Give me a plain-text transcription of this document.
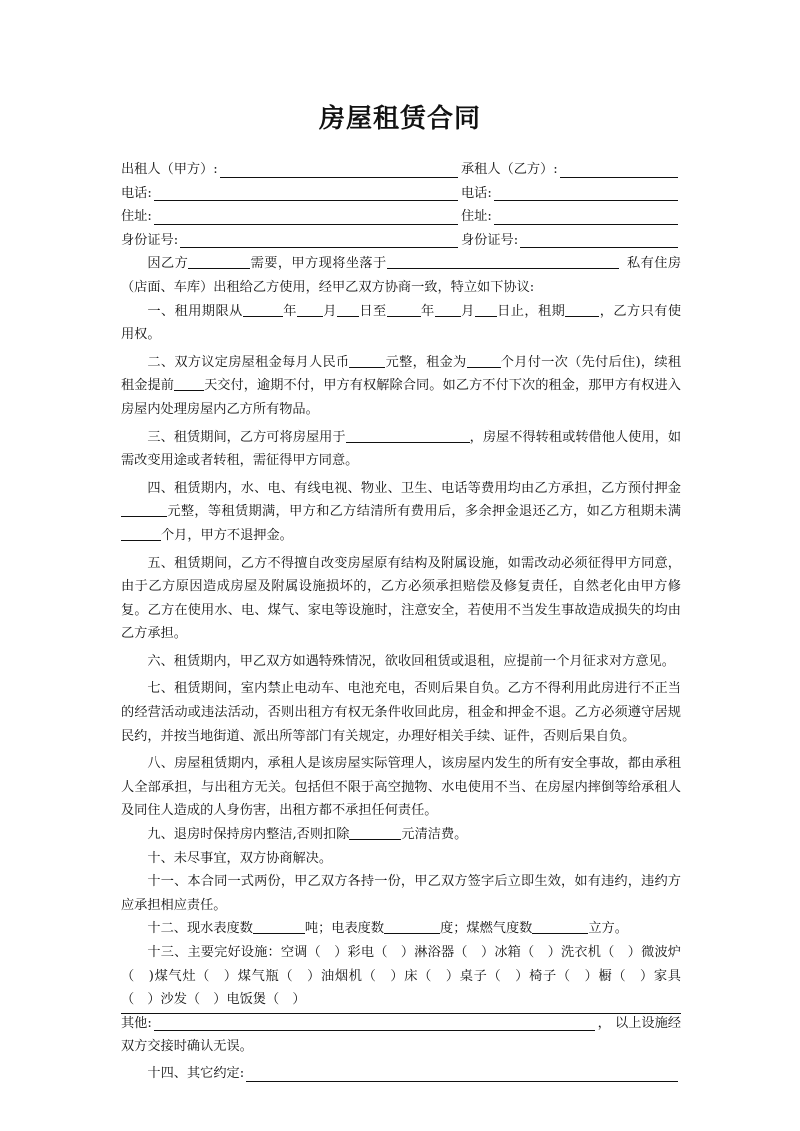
房屋租赁合同
出租人（甲方）:	承租人（乙方）:
电话:	电话:
住址:	住址:
身份证号:	身份证号:

因乙方	需要，甲方现将坐落于	私有住房（店面、车库）出租给乙方使用，经甲乙双方协商一致，特立如下协议:

一、租用期限从	年 月 日至	年 月 日止，租期	，乙方只有使用权。

二、双方议定房屋租金每月人民币	元整，租金为	个月付一次（先付后住)，续租租金提前 天交付，逾期不付，甲方有权解除合同。如乙方不付下次的租金，那甲方有权进入房屋内处理房屋内乙方所有物品。

三、租赁期间，乙方可将房屋用于	，房屋不得转租或转借他人使用，如需改变用途或者转租，需征得甲方同意。

四、租赁期内，水、电、有线电视、物业、卫生、电话等费用均由乙方承担，乙方预付押金元整，等租赁期满，甲方和乙方结清所有费用后，多余押金退还乙方，如乙方租期未满个月，甲方不退押金。

五、租赁期间，乙方不得擅自改变房屋原有结构及附属设施，如需改动必须征得甲方同意，由于乙方原因造成房屋及附属设施损坏的，乙方必须承担赔偿及修复责任，自然老化由甲方修复。乙方在使用水、电、煤气、家电等设施时，注意安全，若使用不当发生事故造成损失的均由乙方承担。

六、租赁期内，甲乙双方如遇特殊情况，欲收回租赁或退租，应提前一个月征求对方意见。

七、租赁期间，室内禁止电动车、电池充电，否则后果自负。乙方不得利用此房进行不正当的经营活动或违法活动，否则出租方有权无条件收回此房，租金和押金不退。乙方必须遵守居规民约，并按当地街道、派出所等部门有关规定，办理好相关手续、证件，否则后果自负。

八、房屋租赁期内，承租人是该房屋实际管理人，该房屋内发生的所有安全事故，都由承租人全部承担，与出租方无关。包括但不限于高空抛物、水电使用不当、在房屋内摔倒等给承租人及同住人造成的人身伤害，出租方都不承担任何责任。

九、退房时保持房内整洁,否则扣除	元清洁费。

十、未尽事宜，双方协商解决。

十一、本合同一式两份，甲乙双方各持一份，甲乙双方签字后立即生效，如有违约，违约方应承担相应责任。

十二、现水表度数	吨；电表度数	度；煤燃气度数	立方。

十三、主要完好设施：空调（　）彩电（　）淋浴器（　）冰箱（　）洗衣机（　）微波炉（　)煤气灶（　）煤气瓶（　）油烟机（　）床（　）桌子（　）椅子（　）橱（　）家具（　）沙发（　）电饭煲（　）

其他:	， 以上设施经

双方交接时确认无误。

十四、其它约定:
